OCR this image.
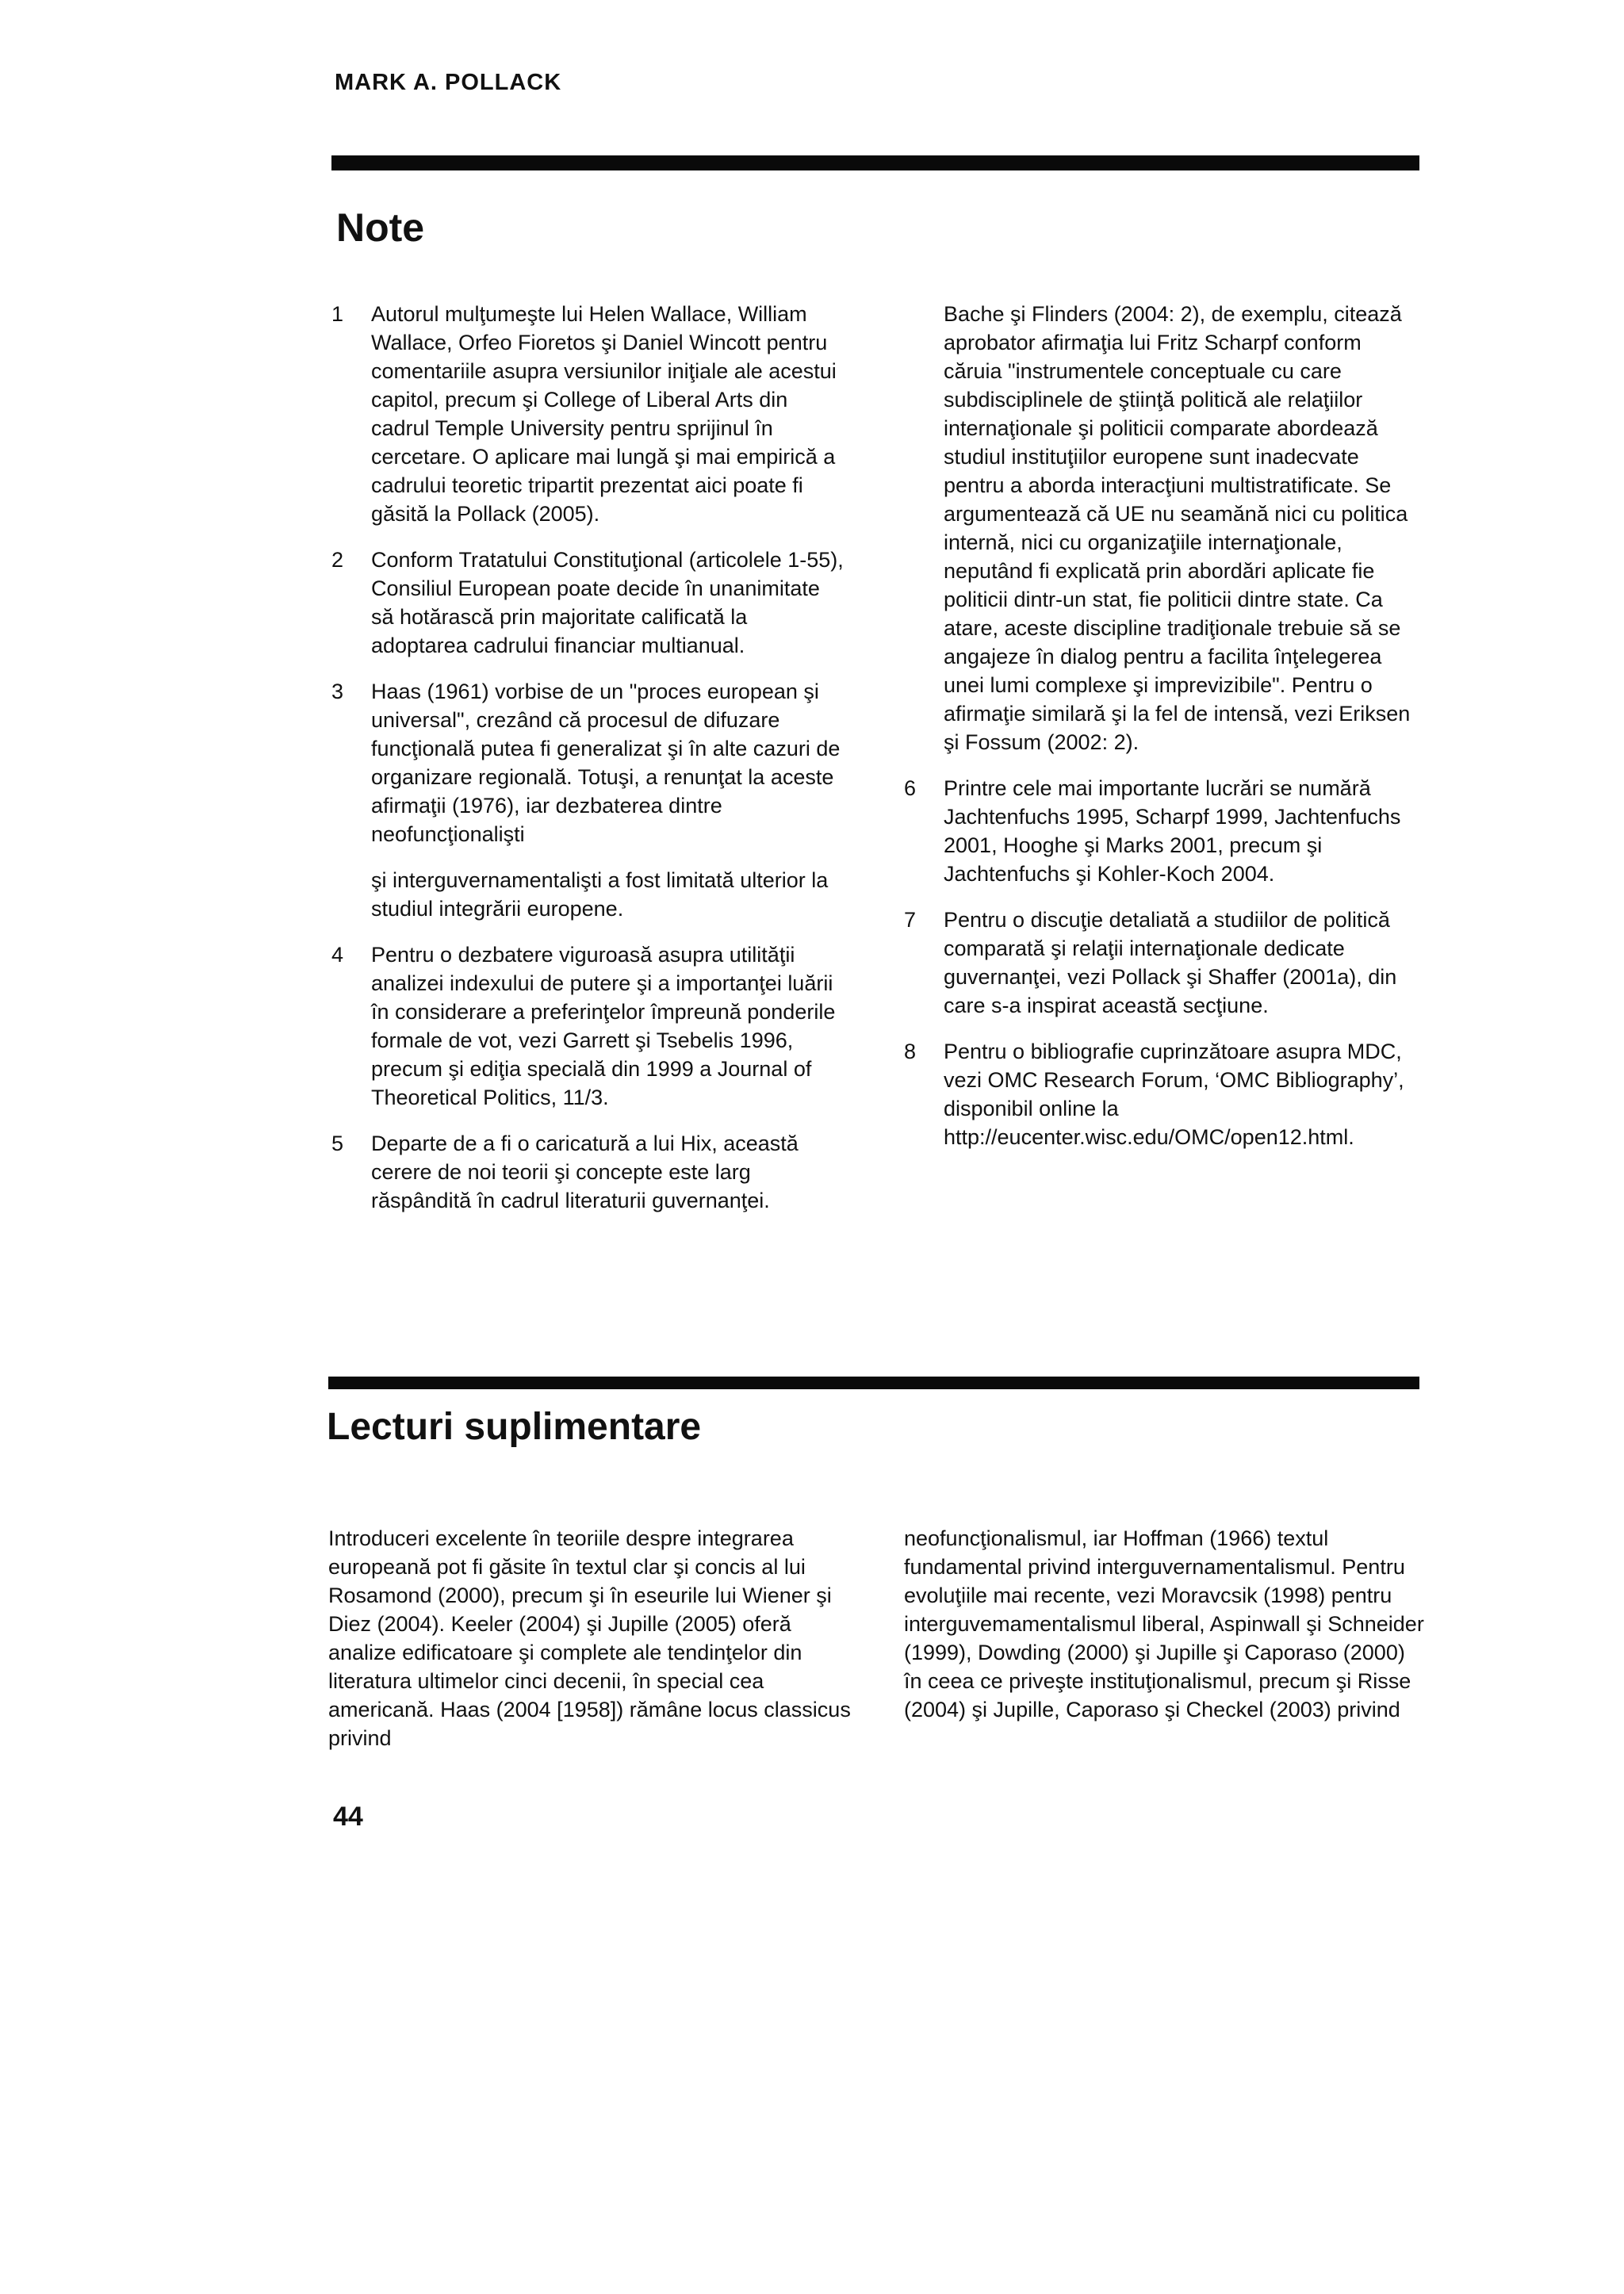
MARK A. POLLACK
Note
1	Autorul mulţumeşte lui Helen Wallace, William Wallace, Orfeo Fioretos şi Daniel Wincott pentru comentariile asupra versiunilor iniţiale ale acestui capitol, precum şi College of Liberal Arts din cadrul Temple University pentru sprijinul în cercetare. O aplicare mai lungă şi mai empirică a cadrului teoretic tripartit prezentat aici poate fi găsită la Pollack (2005).
2	Conform Tratatului Constituţional (articolele 1-55), Consiliul European poate decide în unanimitate să hotărască prin majoritate calificată la adoptarea cadrului financiar multianual.
3	Haas (1961) vorbise de un "proces european şi universal", crezând că procesul de difuzare funcţională putea fi generalizat şi în alte cazuri de organizare regională. Totuşi, a renunţat la aceste afirmaţii (1976), iar dezbaterea dintre neofuncţionalişti
şi interguvernamentalişti a fost limitată ulterior la studiul integrării europene.
4	Pentru o dezbatere viguroasă asupra utilităţii analizei indexului de putere şi a importanţei luării în considerare a preferinţelor împreună ponderile formale de vot, vezi Garrett şi Tsebelis 1996, precum şi ediţia specială din 1999 a Journal of Theoretical Politics, 11/3.
5	Departe de a fi o caricatură a lui Hix, această cerere de noi teorii şi concepte este larg răspândită în cadrul literaturii guvernanţei.
Bache şi Flinders (2004: 2), de exemplu, citează aprobator afirmaţia lui Fritz Scharpf conform căruia "instrumentele conceptuale cu care subdisciplinele de ştiinţă politică ale relaţiilor internaţionale şi politicii comparate abordează studiul instituţiilor europene sunt inadecvate pentru a aborda interacţiuni multistratificate. Se argumentează că UE nu seamănă nici cu politica internă, nici cu organizaţiile internaţionale, neputând fi explicată prin abordări aplicate fie politicii dintr-un stat, fie politicii dintre state. Ca atare, aceste discipline tradiţionale trebuie să se angajeze în dialog pentru a facilita înţelegerea unei lumi complexe şi imprevizibile". Pentru o afirmaţie similară şi la fel de intensă, vezi Eriksen şi Fossum (2002: 2).
6	Printre cele mai importante lucrări se numără Jachtenfuchs 1995, Scharpf 1999, Jachtenfuchs 2001, Hooghe şi Marks 2001, precum şi Jachtenfuchs şi Kohler-Koch 2004.
7	Pentru o discuţie detaliată a studiilor de politică comparată şi relaţii internaţionale dedicate guvernanţei, vezi Pollack şi Shaffer (2001a), din care s-a inspirat această secţiune.
8	Pentru o bibliografie cuprinzătoare asupra MDC, vezi OMC Research Forum, ‘OMC Bibliography’, disponibil online la http://eucenter.wisc.edu/OMC/open12.html.
Lecturi suplimentare
Introduceri excelente în teoriile despre integrarea europeană pot fi găsite în textul clar şi concis al lui Rosamond (2000), precum şi în eseurile lui Wiener şi Diez (2004). Keeler (2004) şi Jupille (2005) oferă analize edificatoare şi complete ale tendinţelor din literatura ultimelor cinci decenii, în special cea americană. Haas (2004 [1958]) rămâne locus classicus privind
neofuncţionalismul, iar Hoffman (1966) textul fundamental privind interguvernamentalismul. Pentru evoluţiile mai recente, vezi Moravcsik (1998) pentru interguvemamentalismul liberal, Aspinwall şi Schneider (1999), Dowding (2000) şi Jupille şi Caporaso (2000) în ceea ce priveşte instituţionalismul, precum şi Risse (2004) şi Jupille, Caporaso şi Checkel (2003) privind
44
